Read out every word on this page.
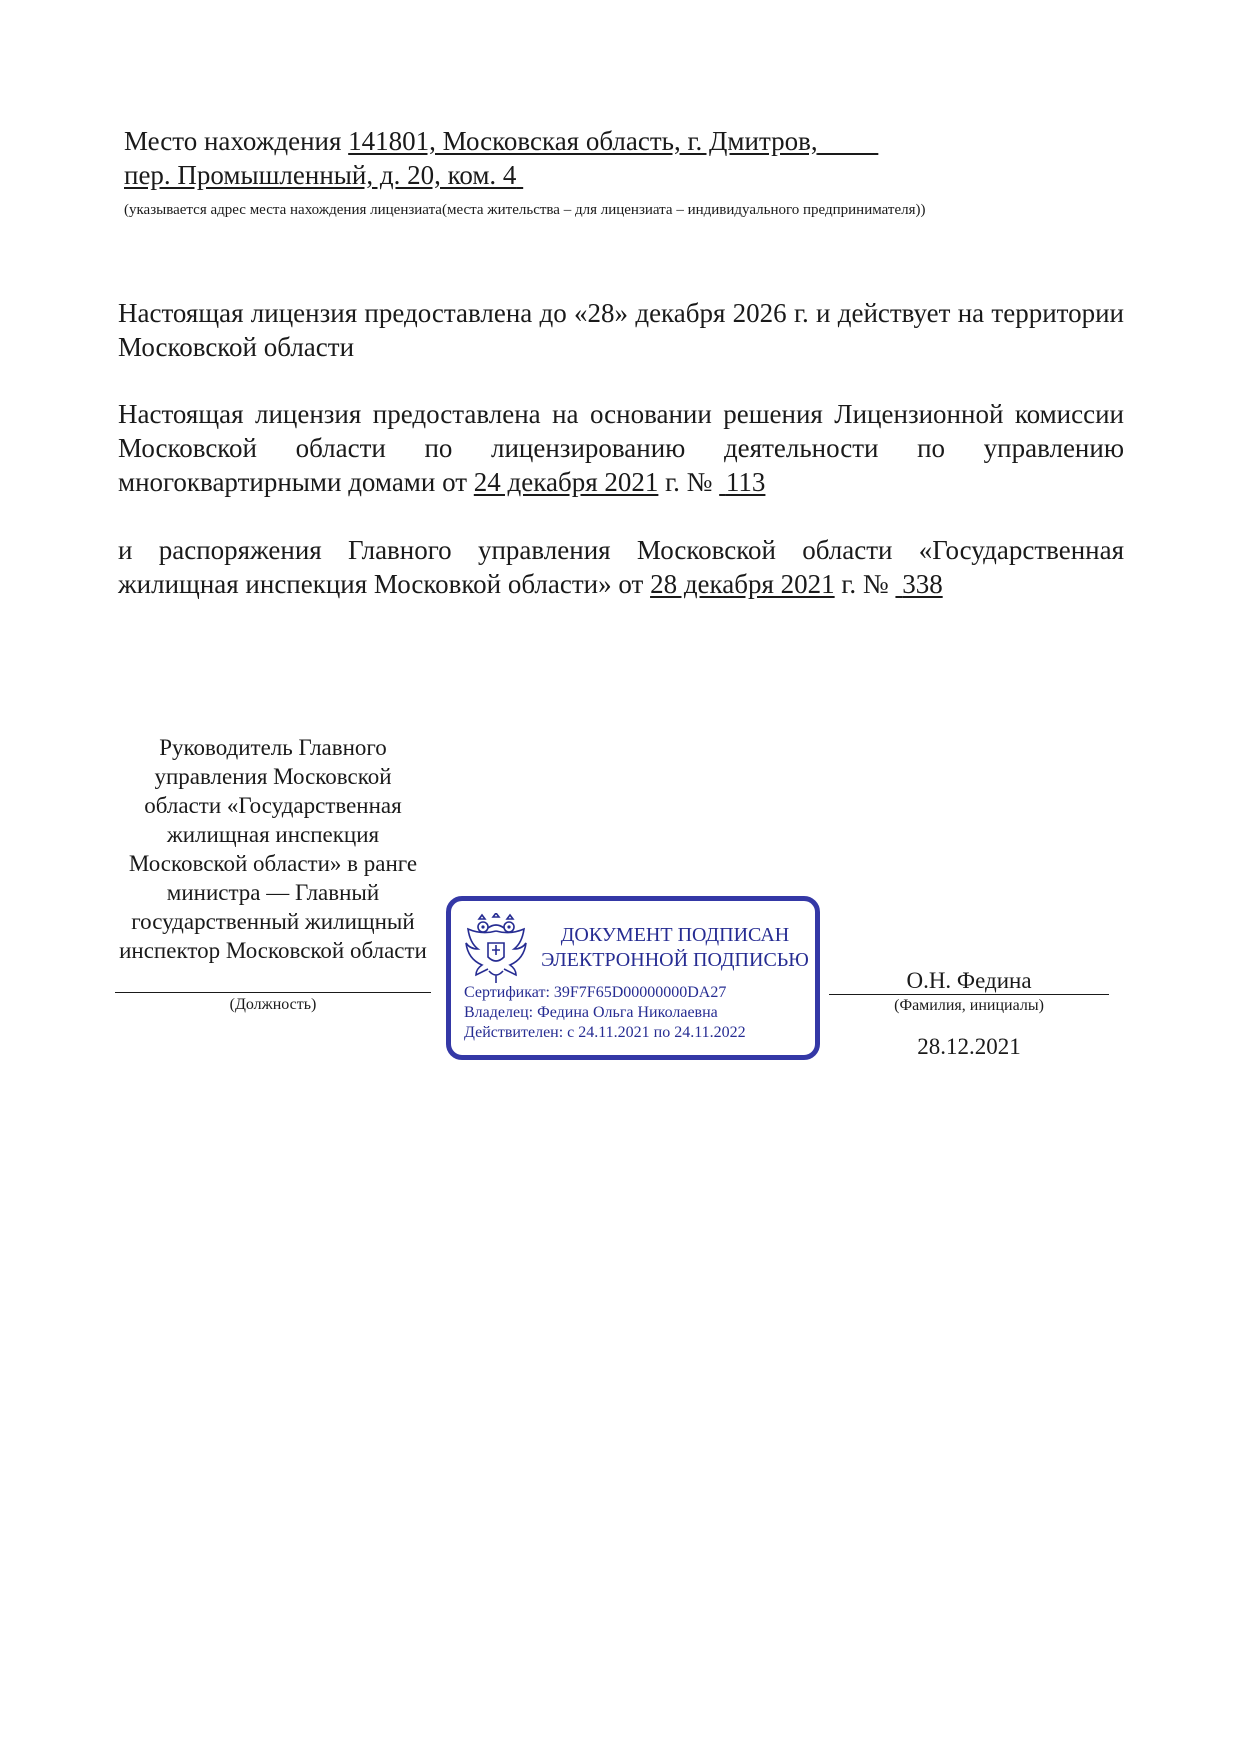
Место нахождения 141801, Московская область, г. Дмитров,
пер. Промышленный, д. 20, ком. 4
(указывается адрес места нахождения лицензиата(места жительства – для лицензиата – индивидуального предпринимателя))
Настоящая лицензия предоставлена до «28» декабря 2026 г. и действует на территории Московской области
Настоящая лицензия предоставлена на основании решения Лицензионной комиссии Московской области по лицензированию деятельности по управлению многоквартирными домами от 24 декабря 2021 г. № 113
и распоряжения Главного управления Московской области «Государственная жилищная инспекция Московкой области» от 28 декабря 2021 г. № 338
Руководитель Главного управления Московской области «Государственная жилищная инспекция Московской области» в ранге министра — Главный государственный жилищный инспектор Московской области
(Должность)
ДОКУМЕНТ ПОДПИСАН
ЭЛЕКТРОННОЙ ПОДПИСЬЮ
Сертификат: 39F7F65D00000000DA27
Владелец: Федина Ольга Николаевна
Действителен: с 24.11.2021 по 24.11.2022
О.Н. Федина
(Фамилия, инициалы)
28.12.2021
